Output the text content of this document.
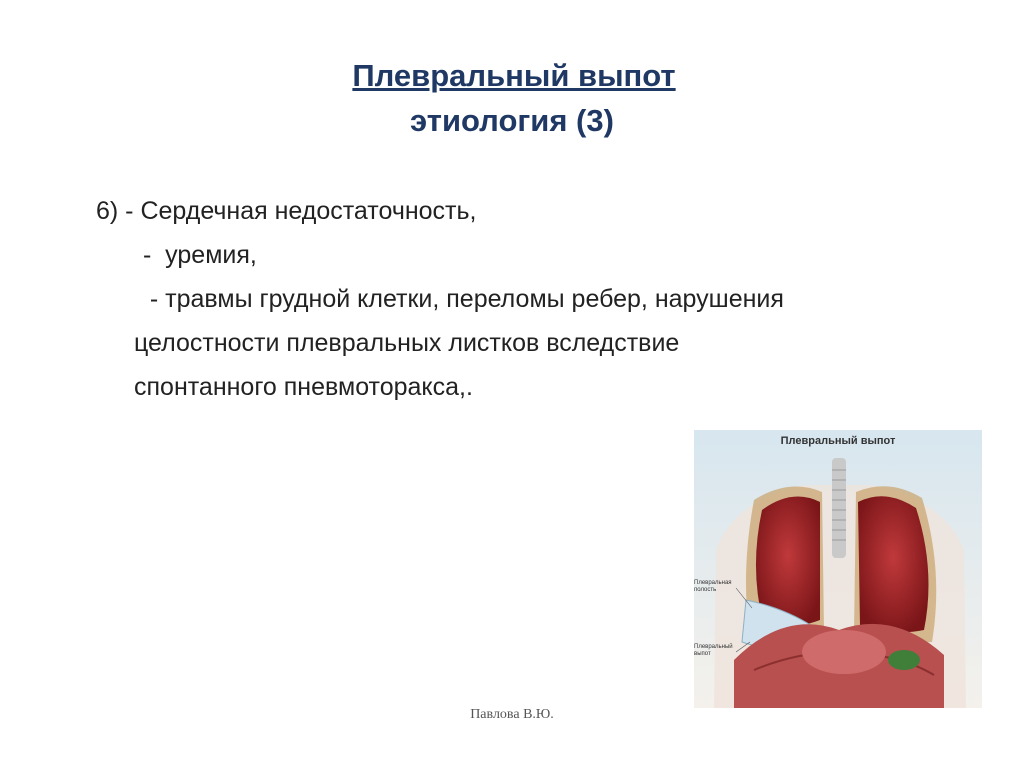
Плевральный выпот
этиология (3)
6) - Сердечная недостаточность,
-  уремия,
- травмы грудной клетки, переломы ребер, нарушения
целостности плевральных листков вследствие
спонтанного пневмоторакса,.
Плевральный выпот
Плевральная полость
Плевральный выпот
Павлова В.Ю.
